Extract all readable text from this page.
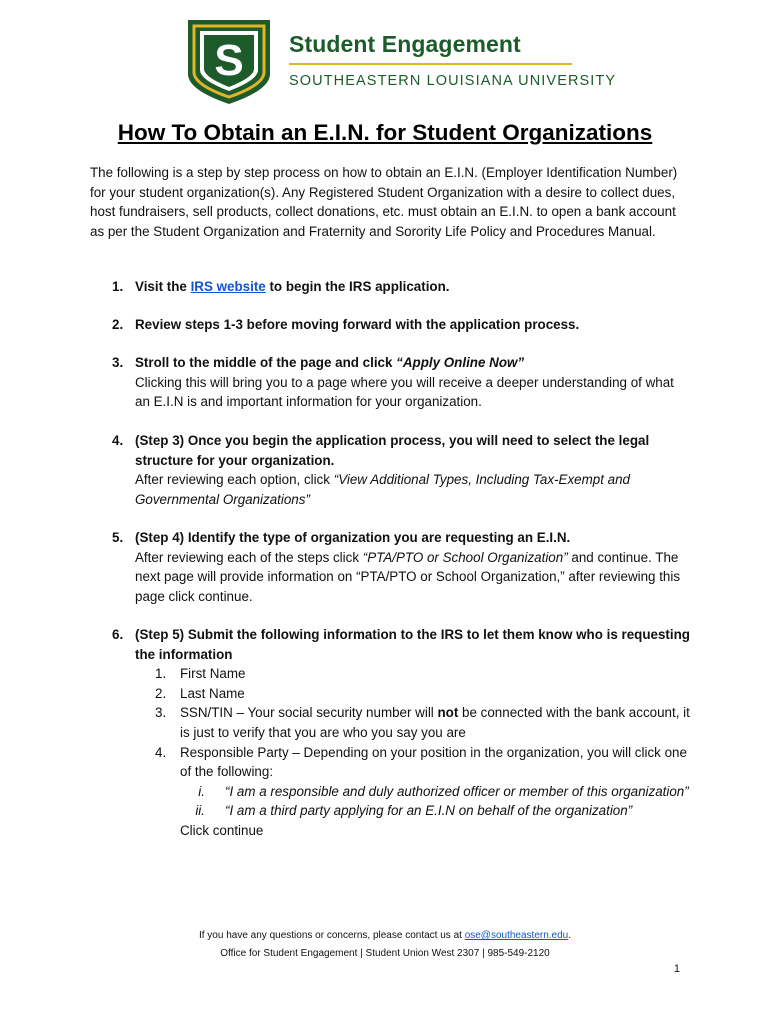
S Student Engagement
SOUTHEASTERN LOUISIANA UNIVERSITY
How To Obtain an E.I.N. for Student Organizations
The following is a step by step process on how to obtain an E.I.N. (Employer Identification Number) for your student organization(s). Any Registered Student Organization with a desire to collect dues, host fundraisers, sell products, collect donations, etc. must obtain an E.I.N. to open a bank account as per the Student Organization and Fraternity and Sorority Life Policy and Procedures Manual.
1. Visit the IRS website to begin the IRS application.
2. Review steps 1-3 before moving forward with the application process.
3. Stroll to the middle of the page and click “Apply Online Now”
Clicking this will bring you to a page where you will receive a deeper understanding of what an E.I.N is and important information for your organization.
4. (Step 3) Once you begin the application process, you will need to select the legal structure for your organization.
After reviewing each option, click “View Additional Types, Including Tax-Exempt and Governmental Organizations”
5. (Step 4) Identify the type of organization you are requesting an E.I.N.
After reviewing each of the steps click “PTA/PTO or School Organization” and continue. The next page will provide information on “PTA/PTO or School Organization,” after reviewing this page click continue.
6. (Step 5) Submit the following information to the IRS to let them know who is requesting the information
1. First Name
2. Last Name
3. SSN/TIN – Your social security number will not be connected with the bank account, it is just to verify that you are who you say you are
4. Responsible Party – Depending on your position in the organization, you will click one of the following:
i. “I am a responsible and duly authorized officer or member of this organization”
ii. “I am a third party applying for an E.I.N on behalf of the organization”
Click continue
If you have any questions or concerns, please contact us at ose@southeastern.edu.
Office for Student Engagement | Student Union West 2307 | 985-549-2120
1
